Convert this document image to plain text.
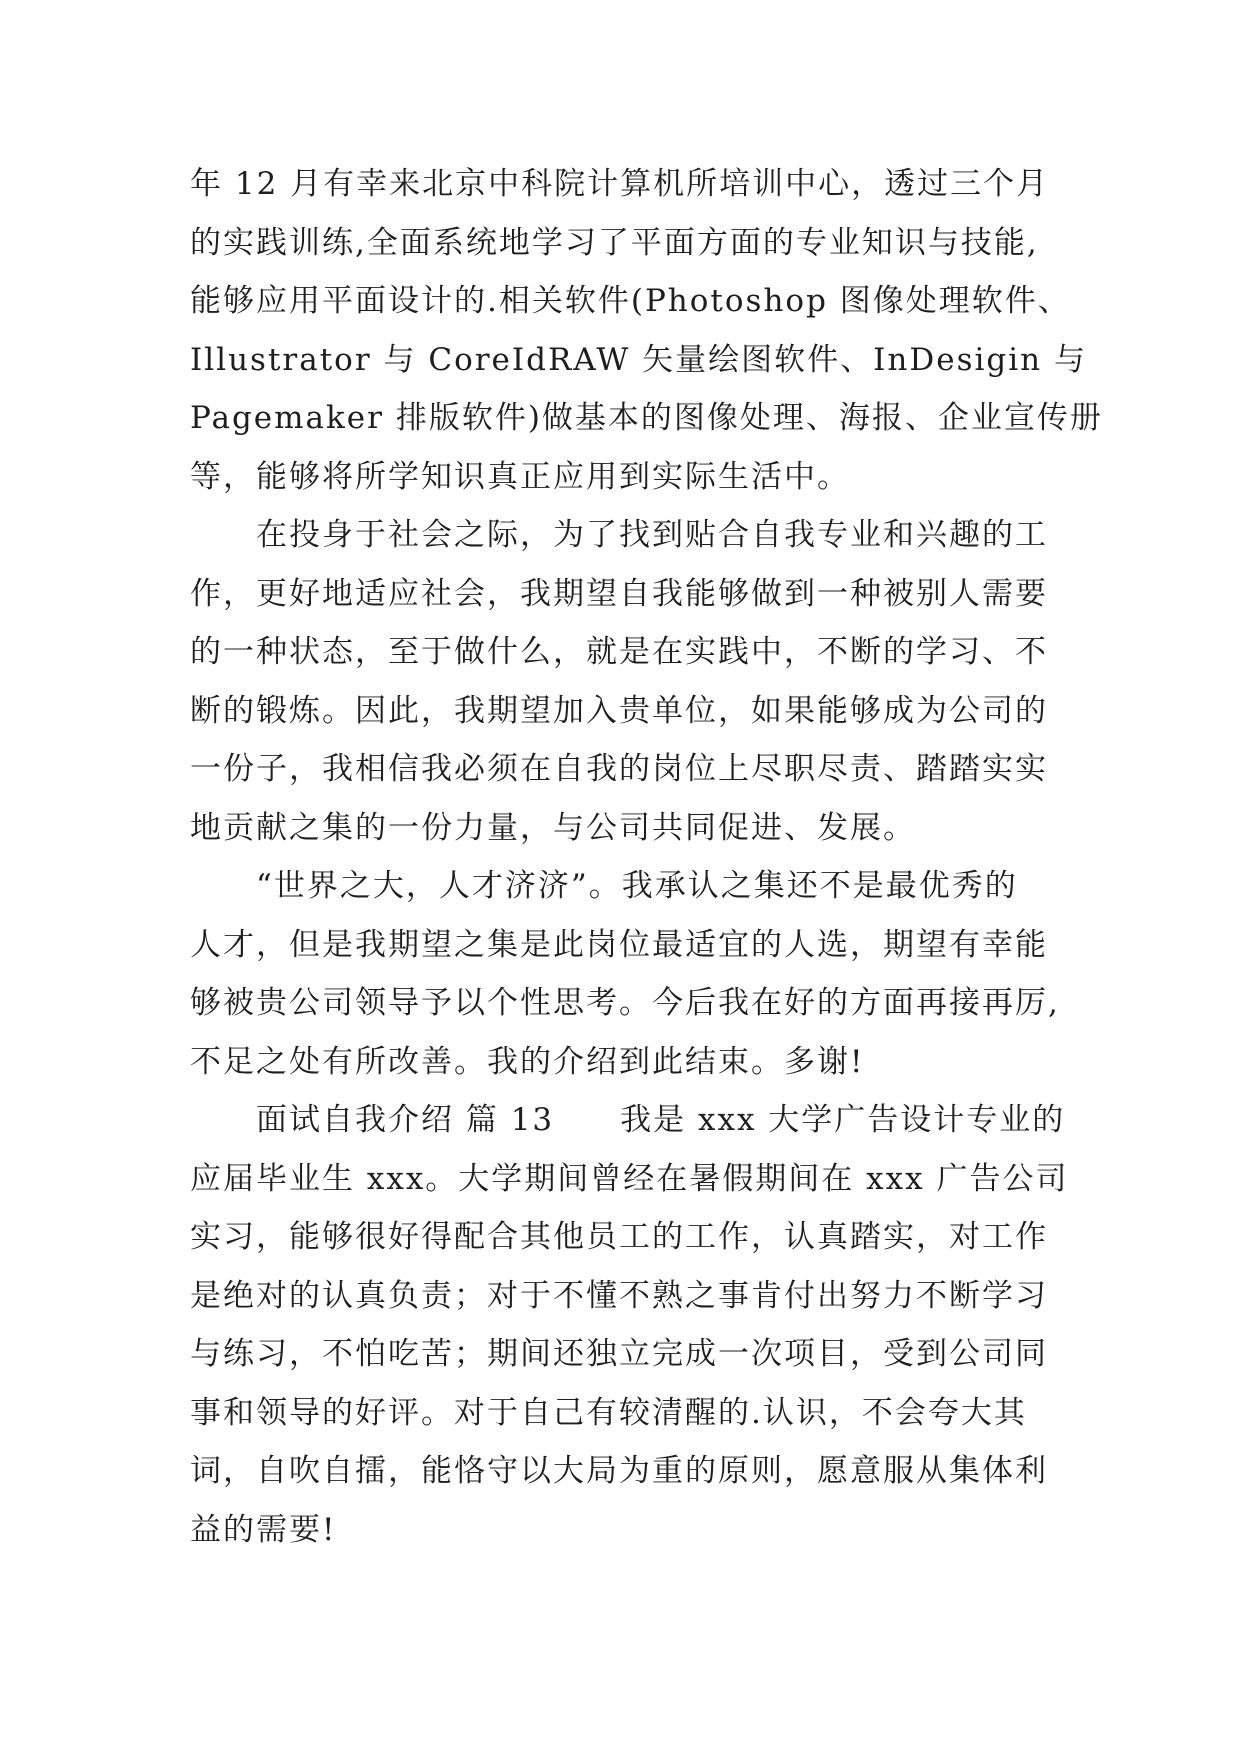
年 12 月有幸来北京中科院计算机所培训中心，透过三个月
的实践训练,全面系统地学习了平面方面的专业知识与技能,
能够应用平面设计的.相关软件(Photoshop 图像处理软件、
Illustrator 与 CoreIdRAW 矢量绘图软件、InDesigin 与
Pagemaker 排版软件)做基本的图像处理、海报、企业宣传册
等，能够将所学知识真正应用到实际生活中。
在投身于社会之际，为了找到贴合自我专业和兴趣的工
作，更好地适应社会，我期望自我能够做到一种被别人需要
的一种状态，至于做什么，就是在实践中，不断的学习、不
断的锻炼。因此，我期望加入贵单位，如果能够成为公司的
一份子，我相信我必须在自我的岗位上尽职尽责、踏踏实实
地贡献之集的一份力量，与公司共同促进、发展。
“世界之大，人才济济”。我承认之集还不是最优秀的
人才，但是我期望之集是此岗位最适宜的人选，期望有幸能
够被贵公司领导予以个性思考。今后我在好的方面再接再厉,
不足之处有所改善。我的介绍到此结束。多谢!
面试自我介绍 篇 13　　我是 xxx 大学广告设计专业的
应届毕业生 xxx。大学期间曾经在暑假期间在 xxx 广告公司
实习，能够很好得配合其他员工的工作，认真踏实，对工作
是绝对的认真负责；对于不懂不熟之事肯付出努力不断学习
与练习，不怕吃苦；期间还独立完成一次项目，受到公司同
事和领导的好评。对于自己有较清醒的.认识，不会夸大其
词，自吹自擂，能恪守以大局为重的原则，愿意服从集体利
益的需要!
